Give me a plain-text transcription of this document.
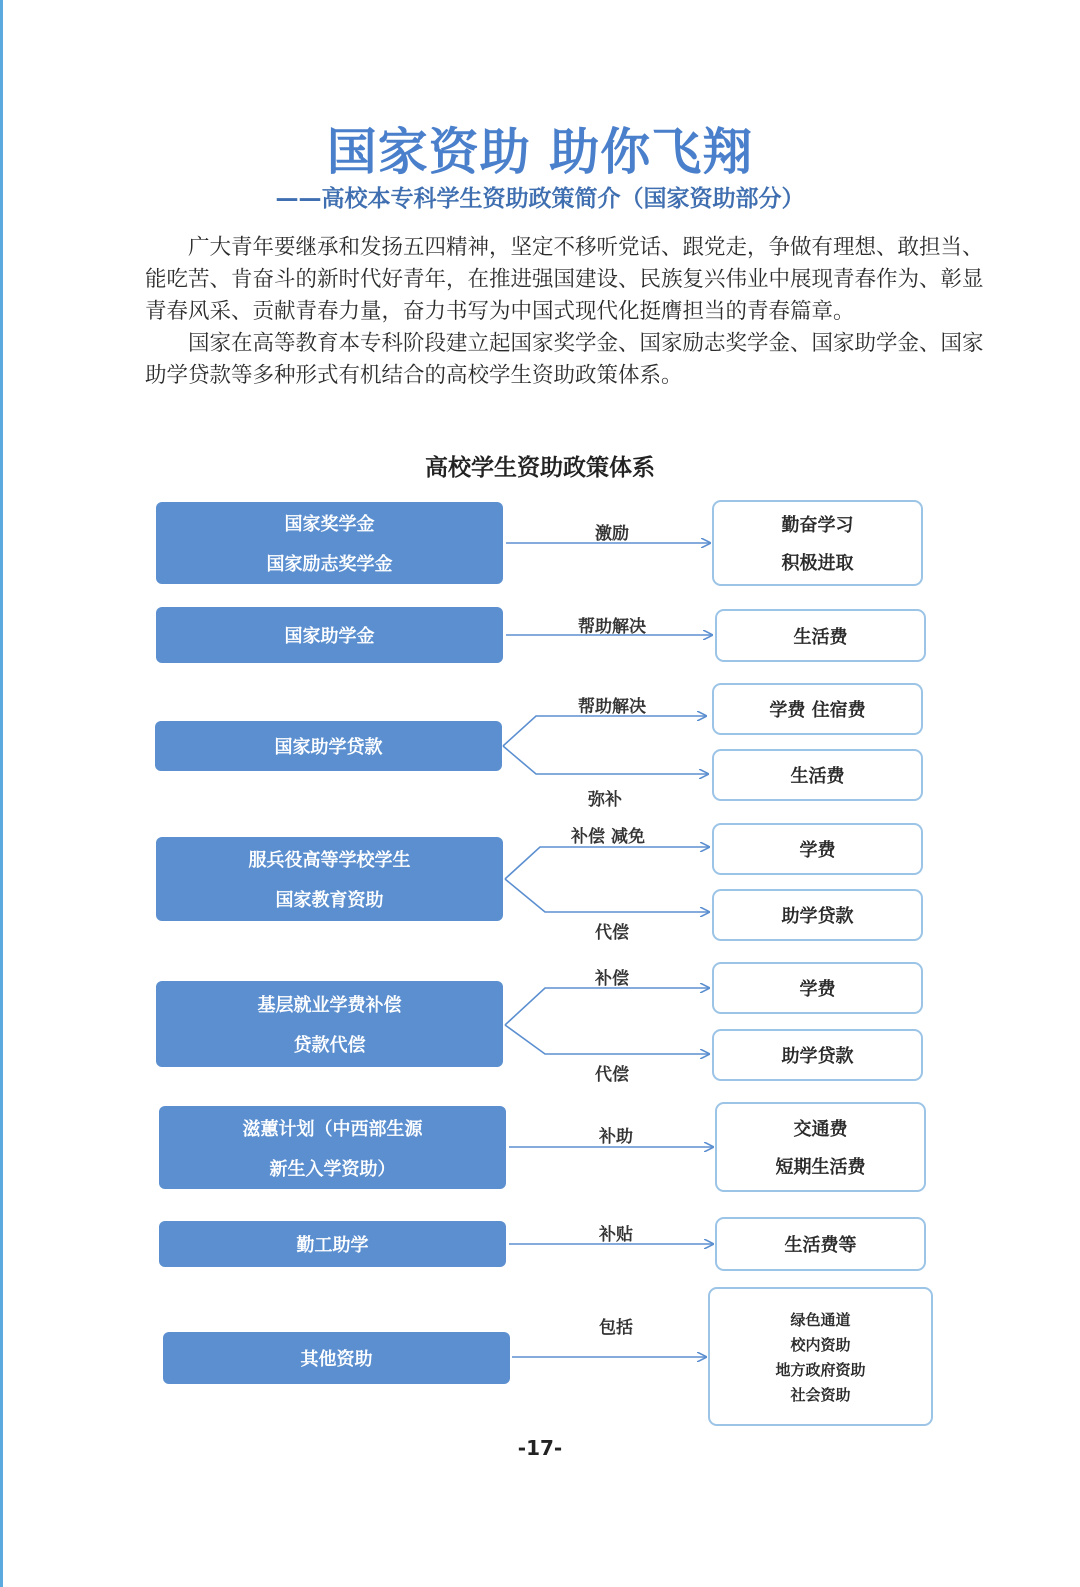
国家资助 助你飞翔
——高校本专科学生资助政策简介（国家资助部分）

广大青年要继承和发扬五四精神，坚定不移听党话、跟党走，争做有理想、敢担当、能吃苦、肯奋斗的新时代好青年，在推进强国建设、民族复兴伟业中展现青春作为、彰显青春风采、贡献青春力量，奋力书写为中国式现代化挺膺担当的青春篇章。

国家在高等教育本专科阶段建立起国家奖学金、国家励志奖学金、国家助学金、国家助学贷款等多种形式有机结合的高校学生资助政策体系。

高校学生资助政策体系
国家奖学金
国家励志奖学金
激励	勤奋学习
积极进取
国家助学金	帮助解决	生活费
国家助学贷款
帮助解决
弥补
学费 住宿费
生活费
服兵役高等学校学生
国家教育资助
补偿 减免
代偿
学费
助学贷款
基层就业学费补偿
贷款代偿
补偿
代偿
学费
助学贷款
滋蕙计划（中西部生源
新生入学资助）
补助	交通费
短期生活费
勤工助学	补贴	生活费等
其他资助
包括	绿色通道
校内资助
地方政府资助
社会资助
-17-
